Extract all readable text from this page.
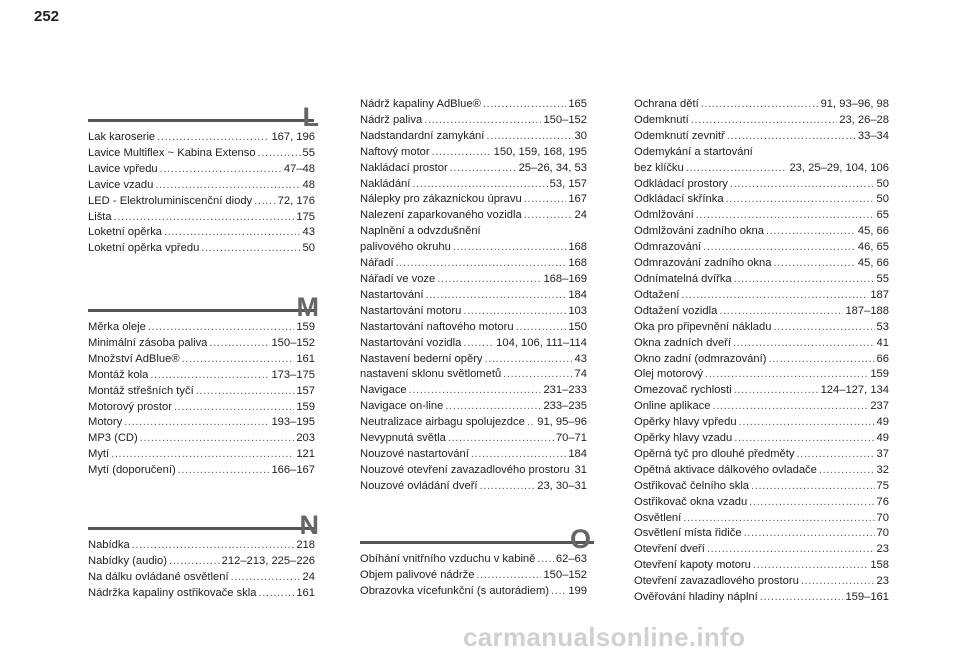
252
L
Lak karoserie .....	167, 196
Lavice Multiflex ~ Kabina Extenso .....	55
Lavice vpředu .....	47–48
Lavice vzadu .....	48
LED - Elektroluminiscenční diody ..... 72, 176
Lišta .....	175
Loketní opěrka .....	43
Loketní opěrka vpředu .....	50
M
Měrka oleje .....	159
Minimální zásoba paliva .....	150–152
Množství AdBlue® .....	161
Montáž kola .....	173–175
Montáž střešních tyčí .....	157
Motorový prostor .....	159
Motory .....	193–195
MP3 (CD) .....	203
Mytí .....	121
Mytí (doporučení) .....	166–167
N
Nabídka .....	218
Nabídky (audio) .....	212–213, 225–226
Na dálku ovládané osvětlení .....	24
Nádržka kapaliny ostřikovače skla .....	161
Nádrž kapaliny AdBlue® .....	165
Nádrž paliva .....	150–152
Nadstandardní zamykání .....	30
Naftový motor .....	150, 159, 168, 195
Nakládací prostor .....	25–26, 34, 53
Nakládání .....	53, 157
Nálepky pro zákaznickou úpravu .....	167
Nalezení zaparkovaného vozidla .....	24
Naplnění a odvzdušnění
palivového okruhu .....	168
Nářadí .....	168
Nářadí ve voze .....	168–169
Nastartování .....	184
Nastartování motoru .....	103
Nastartování naftového motoru .....	150
Nastartování vozidla .....	104, 106, 111–114
Nastavení bederní opěry .....	43
nastavení sklonu světlometů .....	74
Navigace .....	231–233
Navigace on-line .....	233–235
Neutralizace airbagu spolujezdce ..... 91, 95–96
Nevypnutá světla .....	70–71
Nouzové nastartování .....	184
Nouzové otevření zavazadlového prostoru ..... 31
Nouzové ovládání dveří .....	23, 30–31
O
Obíhání vnitřního vzduchu v kabině ..... 62–63
Objem palivové nádrže .....	150–152
Obrazovka vícefunkční (s autorádiem) ..... 199
Ochrana dětí .....	91, 93–96, 98
Odemknutí .....	23, 26–28
Odemknutí zevnitř .....	33–34
Odemykání a startování
bez klíčku .....	23, 25–29, 104, 106
Odkládací prostory .....	50
Odkládací skřínka .....	50
Odmlžování .....	65
Odmlžování zadního okna .....	45, 66
Odmrazování .....	46, 65
Odmrazování zadního okna .....	45, 66
Odnímatelná dvířka .....	55
Odtažení .....	187
Odtažení vozidla .....	187–188
Oka pro připevnění nákladu .....	53
Okna zadních dveří .....	41
Okno zadní (odmrazování) .....	66
Olej motorový .....	159
Omezovač rychlosti .....	124–127, 134
Online aplikace .....	237
Opěrky hlavy vpředu .....	49
Opěrky hlavy vzadu .....	49
Opěrná tyč pro dlouhé předměty .....	37
Opětná aktivace dálkového ovladače .....	32
Ostřikovač čelního skla .....	75
Ostřikovač okna vzadu .....	76
Osvětlení .....	70
Osvětlení místa řidiče .....	70
Otevření dveří .....	23
Otevření kapoty motoru .....	158
Otevření zavazadlového prostoru .....	23
Ověřování hladiny náplní .....	159–161
carmanualsonline.info
